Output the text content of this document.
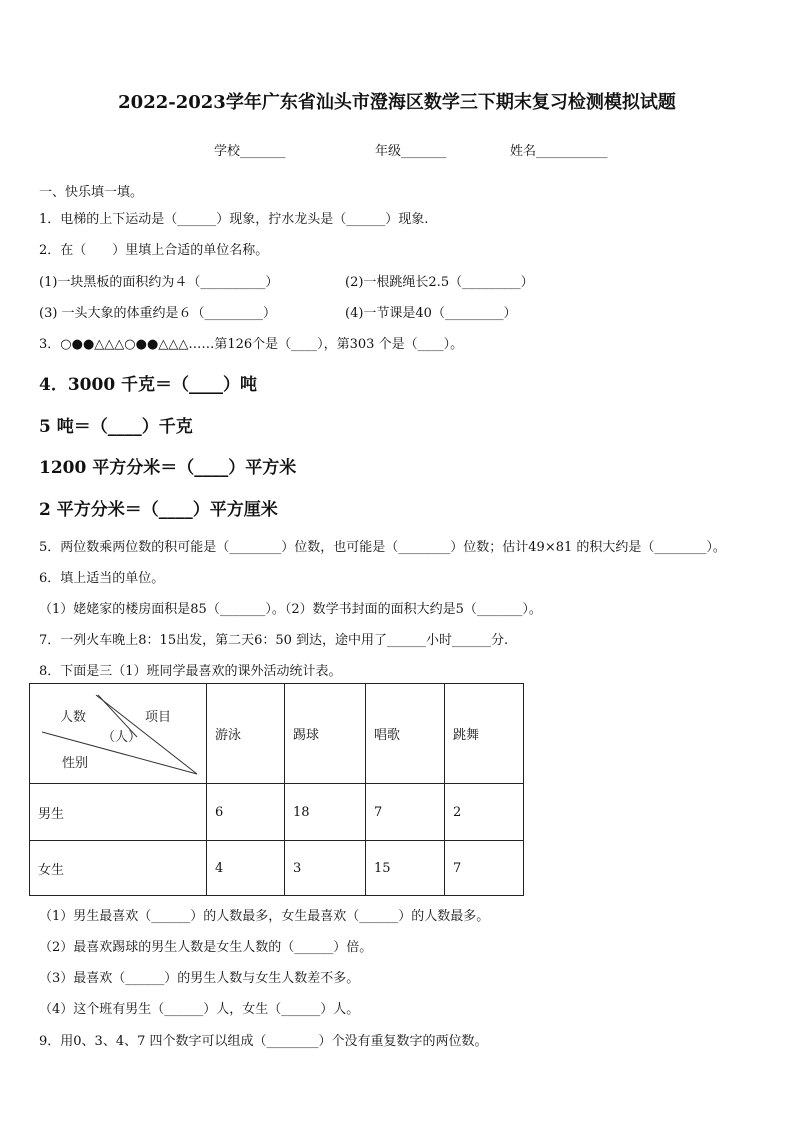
2022-2023学年广东省汕头市澄海区数学三下期末复习检测模拟试题
学校_______	年级_______	姓名___________
一、快乐填一填。
1．电梯的上下运动是（______）现象，拧水龙头是（______）现象.
2．在（　　）里填上合适的单位名称。
(1)一块黑板的面积约为４（__________）	(2)一根跳绳长2.5（_________）
(3) 一头大象的体重约是６（_________）	(4)一节课是40（_________）
3．○●●△△△○●●△△△……第126个是（____），第303 个是（____）。
4．3000 千克＝（____）吨
5 吨＝（____）千克
1200 平方分米＝（____）平方米
2 平方分米＝（____）平方厘米
5．两位数乘两位数的积可能是（________）位数，也可能是（________）位数；估计49×81 的积大约是（________）。
6．填上适当的单位。
（1）姥姥家的楼房面积是85（_______）。（2）数学书封面的面积大约是5（_______）。
7．一列火车晚上8：15出发，第二天6：50 到达，途中用了______小时______分.
8．下面是三（1）班同学最喜欢的课外活动统计表。
人数 项目
（人）
性别	游泳	踢球	唱歌	跳舞
男生	6	18	7	2
女生	4	3	15	7
（1）男生最喜欢（______）的人数最多，女生最喜欢（______）的人数最多。
（2）最喜欢踢球的男生人数是女生人数的（______）倍。
（3）最喜欢（______）的男生人数与女生人数差不多。
（4）这个班有男生（______）人，女生（______）人。
9．用0、3、4、7 四个数字可以组成（________）个没有重复数字的两位数。
